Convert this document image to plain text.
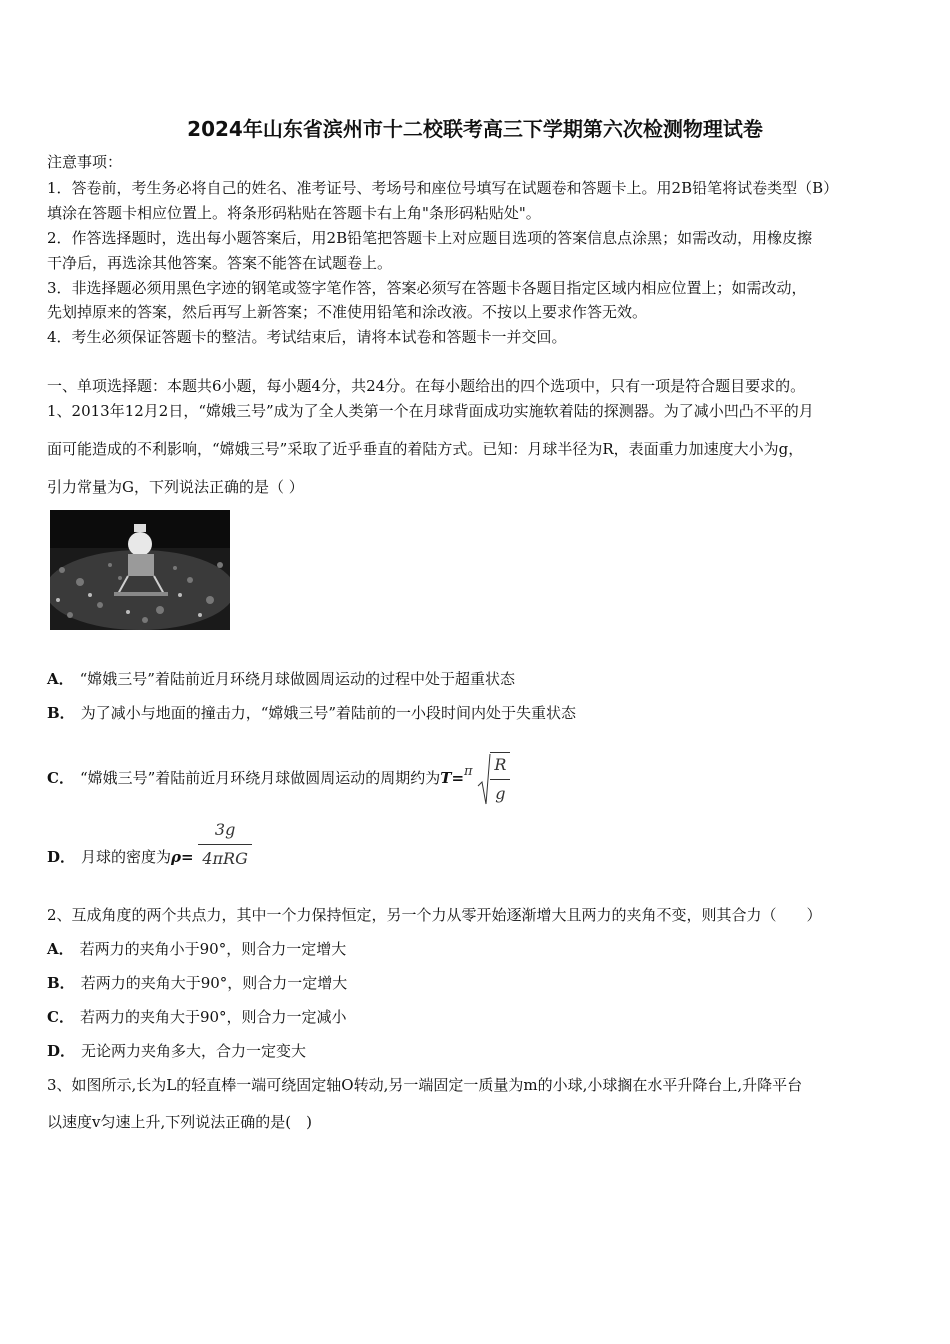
2024年山东省滨州市十二校联考高三下学期第六次检测物理试卷
注意事项：
1．答卷前，考生务必将自己的姓名、准考证号、考场号和座位号填写在试题卷和答题卡上。用2B铅笔将试卷类型（B）
填涂在答题卡相应位置上。将条形码粘贴在答题卡右上角"条形码粘贴处"。
2．作答选择题时，选出每小题答案后，用2B铅笔把答题卡上对应题目选项的答案信息点涂黑；如需改动，用橡皮擦
干净后，再选涂其他答案。答案不能答在试题卷上。
3．非选择题必须用黑色字迹的钢笔或签字笔作答，答案必须写在答题卡各题目指定区域内相应位置上；如需改动，
先划掉原来的答案，然后再写上新答案；不准使用铅笔和涂改液。不按以上要求作答无效。
4．考生必须保证答题卡的整洁。考试结束后，请将本试卷和答题卡一并交回。
一、单项选择题：本题共6小题，每小题4分，共24分。在每小题给出的四个选项中，只有一项是符合题目要求的。
1、2013年12月2日，“嫦娥三号”成为了全人类第一个在月球背面成功实施软着陆的探测器。为了减小凹凸不平的月
面可能造成的不利影响，“嫦娥三号”采取了近乎垂直的着陆方式。已知：月球半径为R，表面重力加速度大小为g，
引力常量为G，下列说法正确的是（ ）
A． “嫦娥三号”着陆前近月环绕月球做圆周运动的过程中处于超重状态
B． 为了减小与地面的撞击力，“嫦娥三号”着陆前的一小段时间内处于失重状态
C． “嫦娥三号”着陆前近月环绕月球做圆周运动的周期约为$T=\pi \frac{R}{g}$
D． 月球的密度为$\rho= \frac{3g}{\text{4πRG}}$
2、互成角度的两个共点力，其中一个力保持恒定，另一个力从零开始逐渐增大且两力的夹角不变，则其合力（　　）
A． 若两力的夹角小于90°，则合力一定增大
B． 若两力的夹角大于90°，则合力一定增大
C． 若两力的夹角大于90°，则合力一定减小
D． 无论两力夹角多大，合力一定变大
3、如图所示,长为L的轻直棒一端可绕固定轴O转动,另一端固定一质量为m的小球,小球搁在水平升降台上,升降平台
以速度v匀速上升,下列说法正确的是(　)
